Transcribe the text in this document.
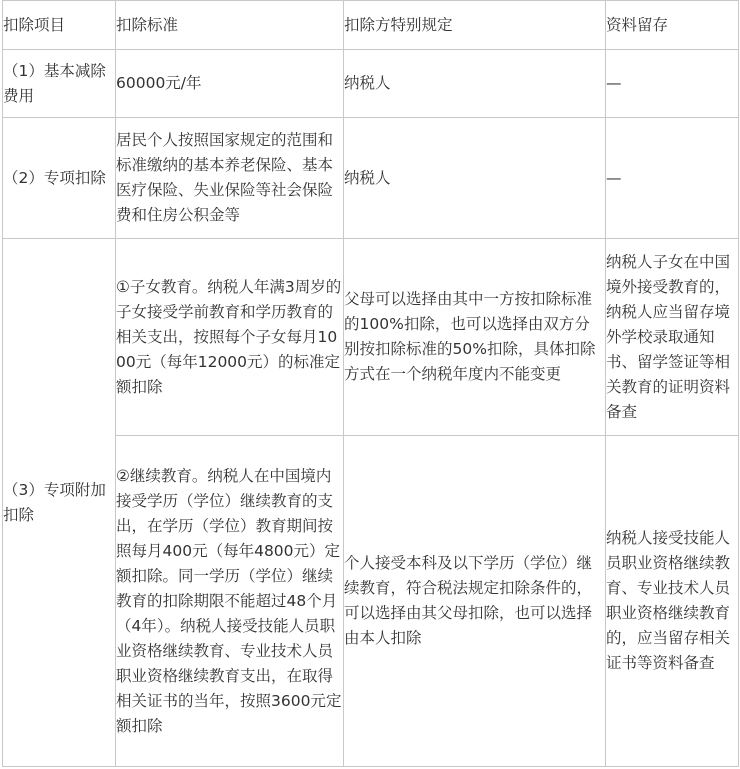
扣除项目	扣除标准	扣除方特别规定	资料留存
（1）基本减除费用	60000元/年	纳税人	—
（2）专项扣除	居民个人按照国家规定的范围和标准缴纳的基本养老保险、基本医疗保险、失业保险等社会保险费和住房公积金等	纳税人	—
（3）专项附加扣除	①子女教育。纳税人年满3周岁的子女接受学前教育和学历教育的相关支出，按照每个子女每月1000元（每年12000元）的标准定额扣除	父母可以选择由其中一方按扣除标准的100%扣除，也可以选择由双方分别按扣除标准的50%扣除，具体扣除方式在一个纳税年度内不能变更	纳税人子女在中国境外接受教育的，纳税人应当留存境外学校录取通知书、留学签证等相关教育的证明资料备查
	②继续教育。纳税人在中国境内接受学历（学位）继续教育的支出，在学历（学位）教育期间按照每月400元（每年4800元）定额扣除。同一学历（学位）继续教育的扣除期限不能超过48个月（4年）。纳税人接受技能人员职业资格继续教育、专业技术人员职业资格继续教育支出，在取得相关证书的当年，按照3600元定额扣除	个人接受本科及以下学历（学位）继续教育，符合税法规定扣除条件的，可以选择由其父母扣除，也可以选择由本人扣除	纳税人接受技能人员职业资格继续教育、专业技术人员职业资格继续教育的，应当留存相关证书等资料备查
